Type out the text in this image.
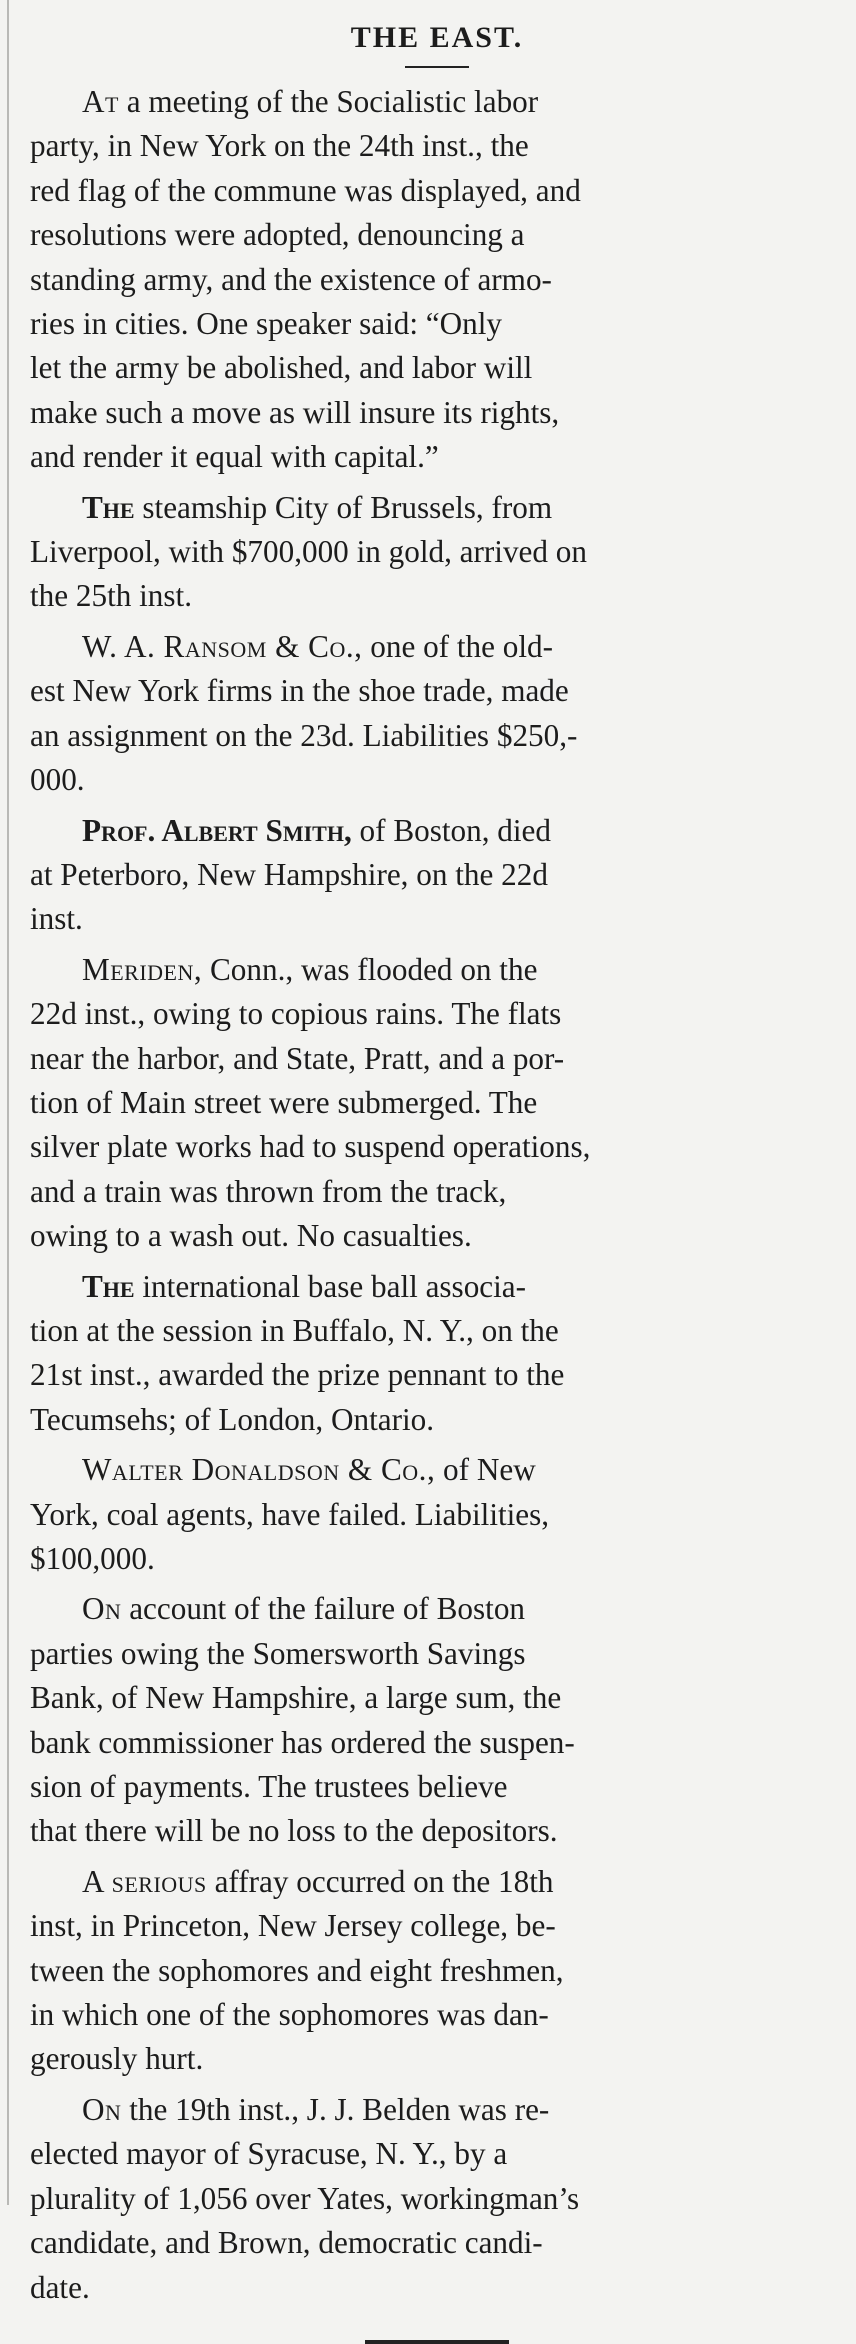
THE EAST.

At a meeting of the Socialistic labor
party, in New York on the 24th inst., the
red flag of the commune was displayed, and
resolutions were adopted, denouncing a
standing army, and the existence of armo-
ries in cities. One speaker said: “Only
let the army be abolished, and labor will
make such a move as will insure its rights,
and render it equal with capital.”

The steamship City of Brussels, from
Liverpool, with $700,000 in gold, arrived on
the 25th inst.

W. A. Ransom & Co., one of the old-
est New York firms in the shoe trade, made
an assignment on the 23d. Liabilities $250,-
000.

Prof. Albert Smith, of Boston, died
at Peterboro, New Hampshire, on the 22d
inst.

Meriden, Conn., was flooded on the
22d inst., owing to copious rains. The flats
near the harbor, and State, Pratt, and a por-
tion of Main street were submerged. The
silver plate works had to suspend operations,
and a train was thrown from the track,
owing to a wash out. No casualties.

The international base ball associa-
tion at the session in Buffalo, N. Y., on the
21st inst., awarded the prize pennant to the
Tecumsehs; of London, Ontario.

Walter Donaldson & Co., of New
York, coal agents, have failed. Liabilities,
$100,000.

On account of the failure of Boston
parties owing the Somersworth Savings
Bank, of New Hampshire, a large sum, the
bank commissioner has ordered the suspen-
sion of payments. The trustees believe
that there will be no loss to the depositors.

A serious affray occurred on the 18th
inst, in Princeton, New Jersey college, be-
tween the sophomores and eight freshmen,
in which one of the sophomores was dan-
gerously hurt.

On the 19th inst., J. J. Belden was re-
elected mayor of Syracuse, N. Y., by a
plurality of 1,056 over Yates, workingman’s
candidate, and Brown, democratic candi-
date.
